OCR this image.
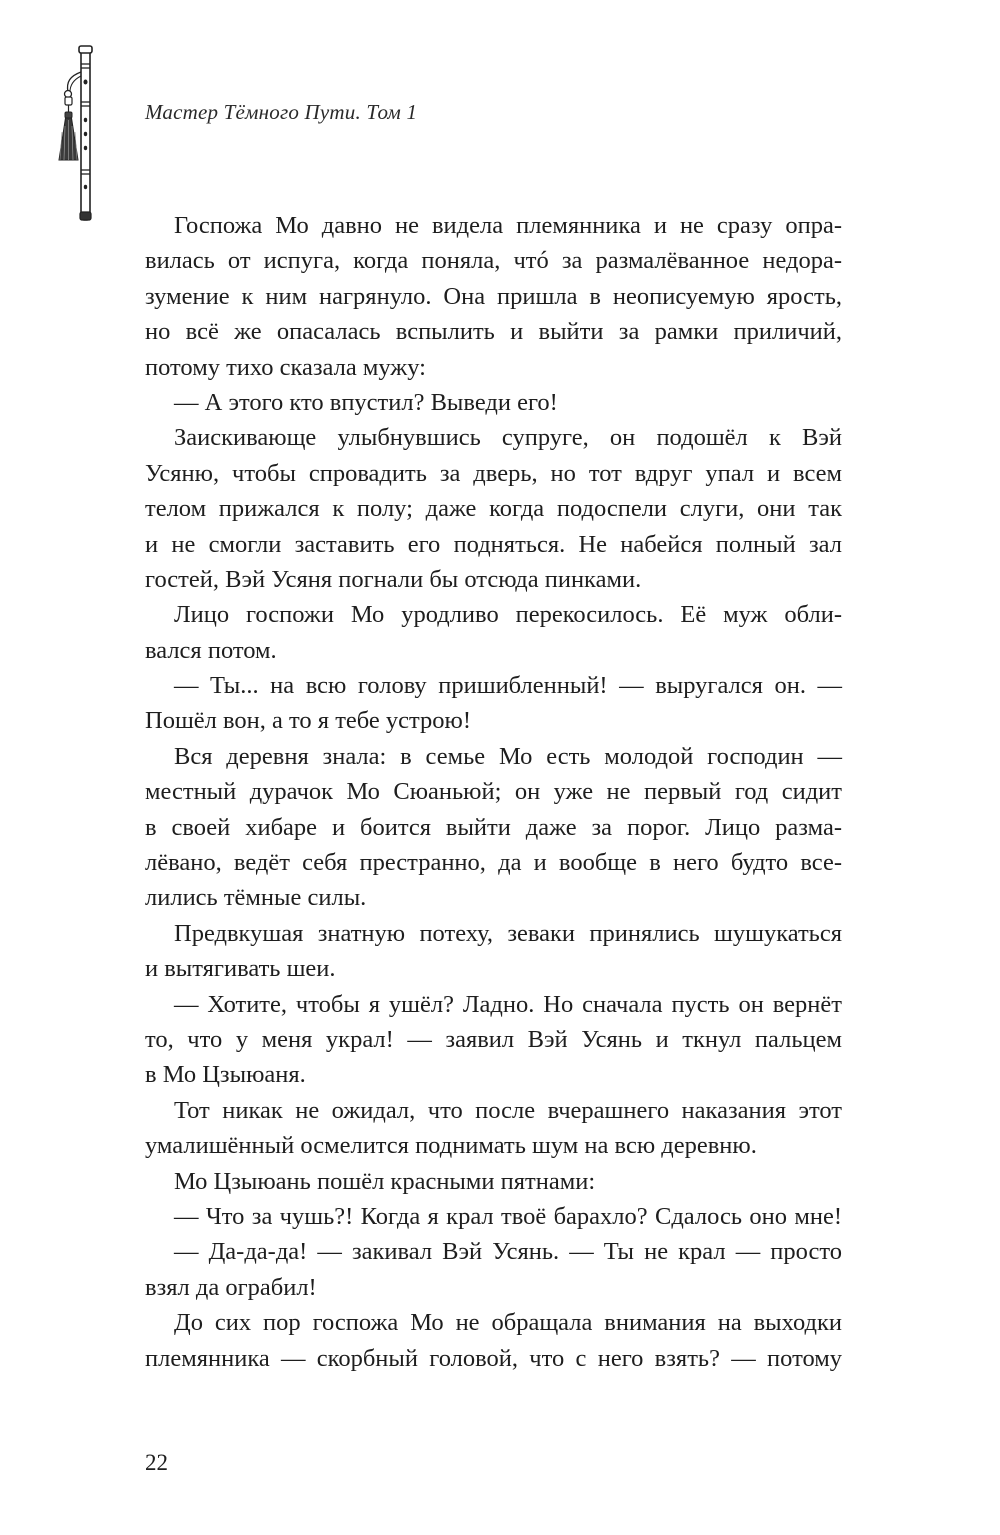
Мастер Тёмного Пути. Том 1
Госпожа Мо давно не видела племянника и не сразу опра-
вилась от испуга, когда поняла, чтó за размалёванное недора-
зумение к ним нагрянуло. Она пришла в неописуемую ярость,
но всё же опасалась вспылить и выйти за рамки приличий,
потому тихо сказала мужу:
— А этого кто впустил? Выведи его!
Заискивающе улыбнувшись супруге, он подошёл к Вэй
Усяню, чтобы спровадить за дверь, но тот вдруг упал и всем
телом прижался к полу; даже когда подоспели слуги, они так
и не смогли заставить его подняться. Не набейся полный зал
гостей, Вэй Усяня погнали бы отсюда пинками.
Лицо госпожи Мо уродливо перекосилось. Её муж обли-
вался потом.
— Ты... на всю голову пришибленный! — выругался он. —
Пошёл вон, а то я тебе устрою!
Вся деревня знала: в семье Мо есть молодой господин —
местный дурачок Мо Сюаньюй; он уже не первый год сидит
в своей хибаре и боится выйти даже за порог. Лицо разма-
лёвано, ведёт себя престранно, да и вообще в него будто все-
лились тёмные силы.
Предвкушая знатную потеху, зеваки принялись шушукаться
и вытягивать шеи.
— Хотите, чтобы я ушёл? Ладно. Но сначала пусть он вернёт
то, что у меня украл! — заявил Вэй Усянь и ткнул пальцем
в Мо Цзыюаня.
Тот никак не ожидал, что после вчерашнего наказания этот
умалишённый осмелится поднимать шум на всю деревню.
Мо Цзыюань пошёл красными пятнами:
— Что за чушь?! Когда я крал твоё барахло? Сдалось оно мне!
— Да-да-да! — закивал Вэй Усянь. — Ты не крал — просто
взял да ограбил!
До сих пор госпожа Мо не обращала внимания на выходки
племянника — скорбный головой, что с него взять? — потому
22
